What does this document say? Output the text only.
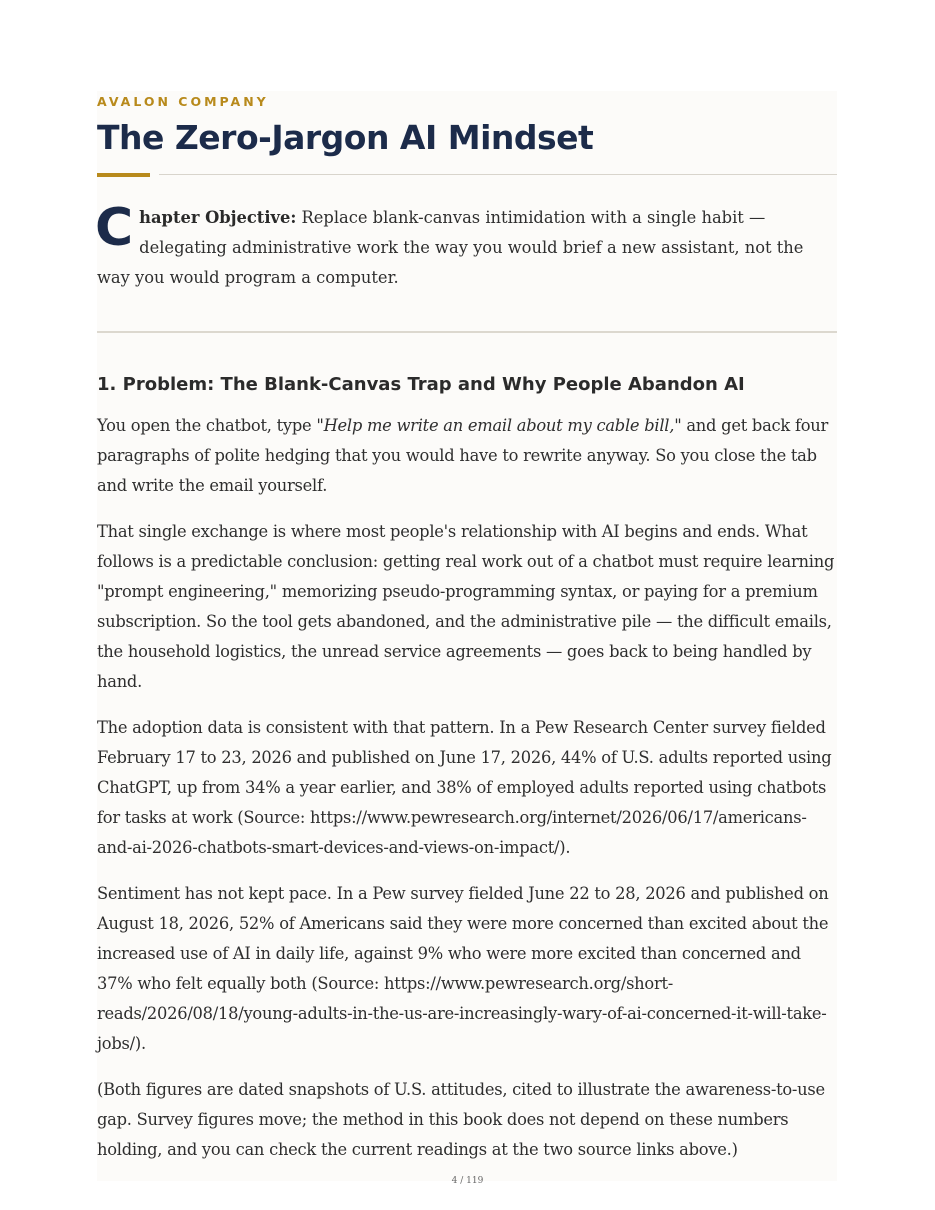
AVALON COMPANY
The Zero-Jargon AI Mindset

Chapter Objective: Replace blank-canvas intimidation with a single habit — delegating administrative work the way you would brief a new assistant, not the way you would program a computer.

1. Problem: The Blank-Canvas Trap and Why People Abandon AI

You open the chatbot, type "Help me write an email about my cable bill," and get back four paragraphs of polite hedging that you would have to rewrite anyway. So you close the tab and write the email yourself.

That single exchange is where most people's relationship with AI begins and ends. What follows is a predictable conclusion: getting real work out of a chatbot must require learning "prompt engineering," memorizing pseudo-programming syntax, or paying for a premium subscription. So the tool gets abandoned, and the administrative pile — the difficult emails, the household logistics, the unread service agreements — goes back to being handled by hand.

The adoption data is consistent with that pattern. In a Pew Research Center survey fielded February 17 to 23, 2026 and published on June 17, 2026, 44% of U.S. adults reported using ChatGPT, up from 34% a year earlier, and 38% of employed adults reported using chatbots for tasks at work (Source: https://www.pewresearch.org/internet/2026/06/17/americans-and-ai-2026-chatbots-smart-devices-and-views-on-impact/).

Sentiment has not kept pace. In a Pew survey fielded June 22 to 28, 2026 and published on August 18, 2026, 52% of Americans said they were more concerned than excited about the increased use of AI in daily life, against 9% who were more excited than concerned and 37% who felt equally both (Source: https://www.pewresearch.org/short-reads/2026/08/18/young-adults-in-the-us-are-increasingly-wary-of-ai-concerned-it-will-take-jobs/).

(Both figures are dated snapshots of U.S. attitudes, cited to illustrate the awareness-to-use gap. Survey figures move; the method in this book does not depend on these numbers holding, and you can check the current readings at the two source links above.)

4 / 119
